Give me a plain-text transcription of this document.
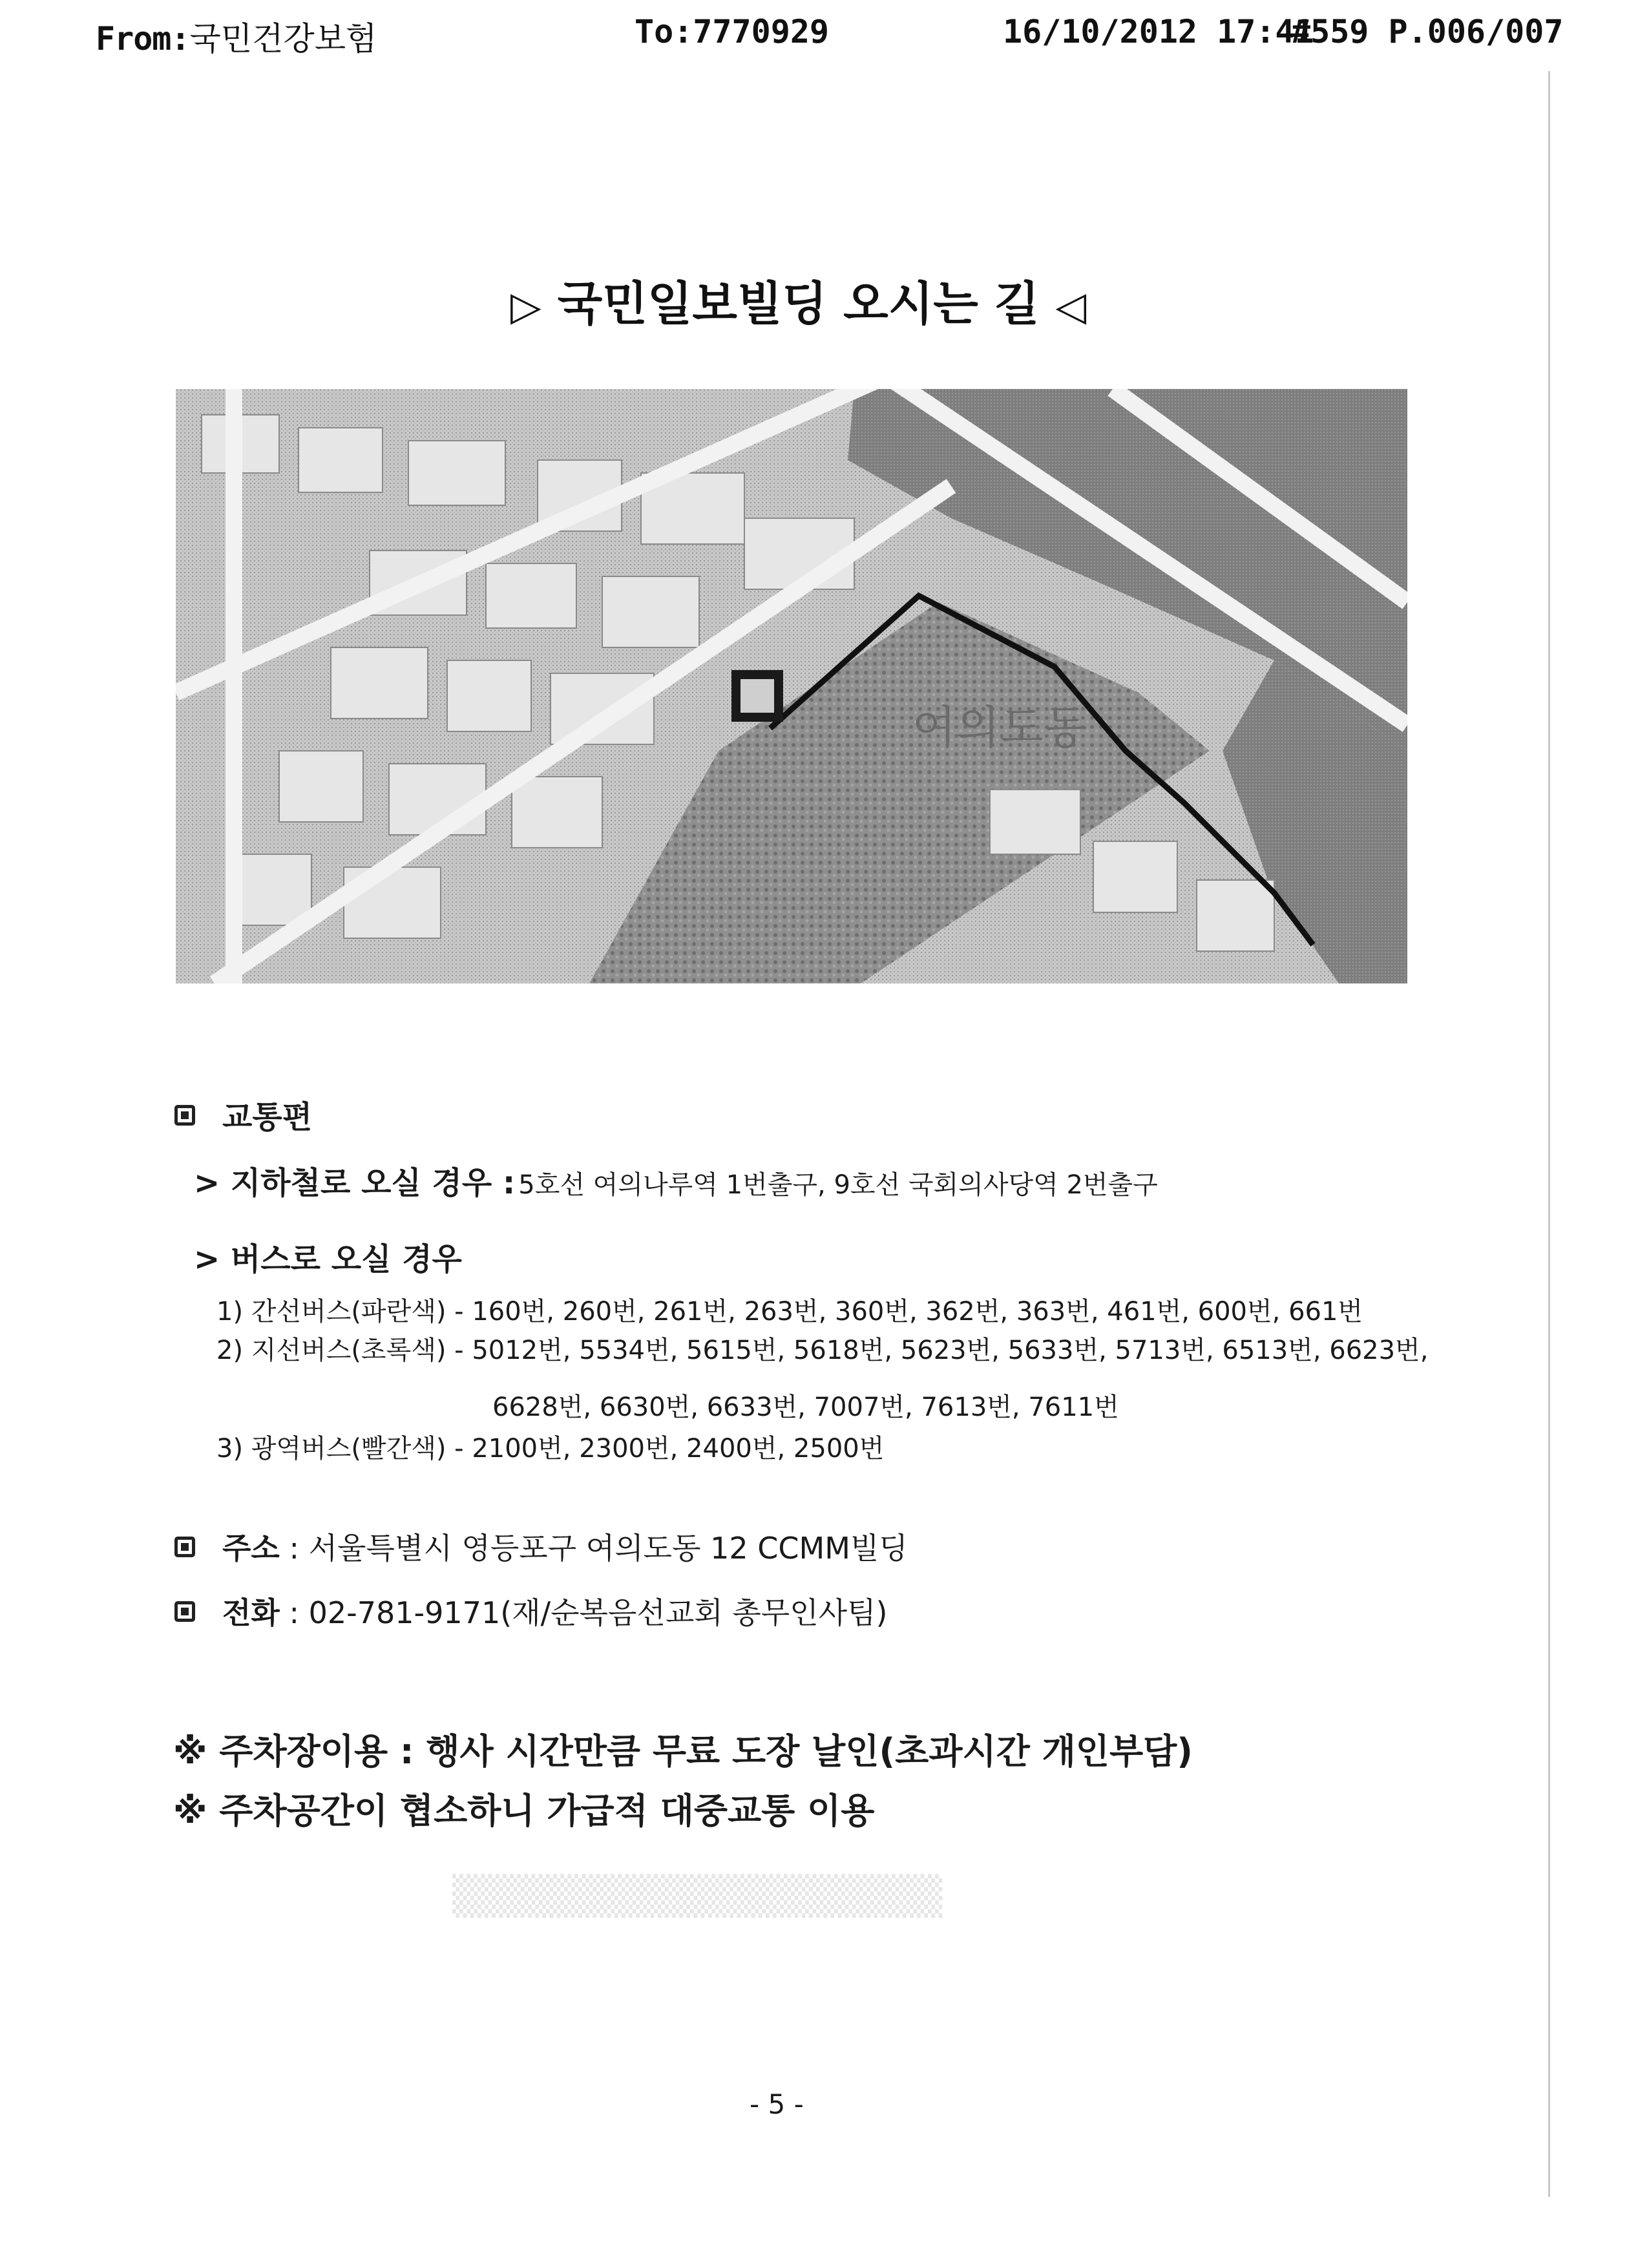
From:국민건강보험	To:7770929	16/10/2012 17:41
#559 P.006/007
▒▒▒▒▒▒▒▒▒▒▒▒▒▒▒▒▒
▷ 국민일보빌딩 오시는 길 ◁
여의도동
교통편
> 지하철로 오실 경우 : 5호선 여의나루역 1번출구, 9호선 국회의사당역 2번출구
> 버스로 오실 경우
1) 간선버스(파란색) - 160번, 260번, 261번, 263번, 360번, 362번, 363번, 461번, 600번, 661번
2) 지선버스(초록색) - 5012번, 5534번, 5615번, 5618번, 5623번, 5633번, 5713번, 6513번, 6623번,
6628번, 6630번, 6633번, 7007번, 7613번, 7611번
3) 광역버스(빨간색) - 2100번, 2300번, 2400번, 2500번
주소 : 서울특별시 영등포구 여의도동 12 CCMM빌딩
전화 : 02-781-9171(재/순복음선교회 총무인사팀)
※ 주차장이용 : 행사 시간만큼 무료 도장 날인(초과시간 개인부담)
※ 주차공간이 협소하니 가급적 대중교통 이용
- 5 -
